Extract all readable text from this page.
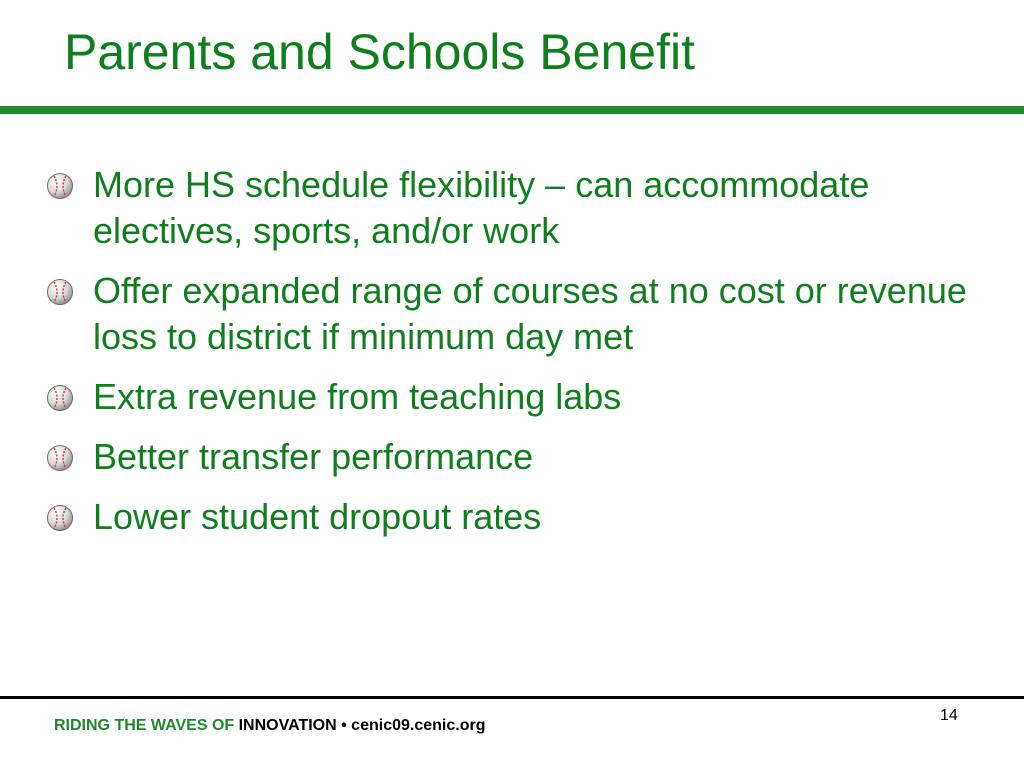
Parents and Schools Benefit
More HS schedule flexibility – can accommodate electives, sports, and/or work
Offer expanded range of courses at no cost or revenue loss to district if minimum day met
Extra revenue from teaching labs
Better transfer performance
Lower student dropout rates
RIDING THE WAVES OF INNOVATION • cenic09.cenic.org
14
